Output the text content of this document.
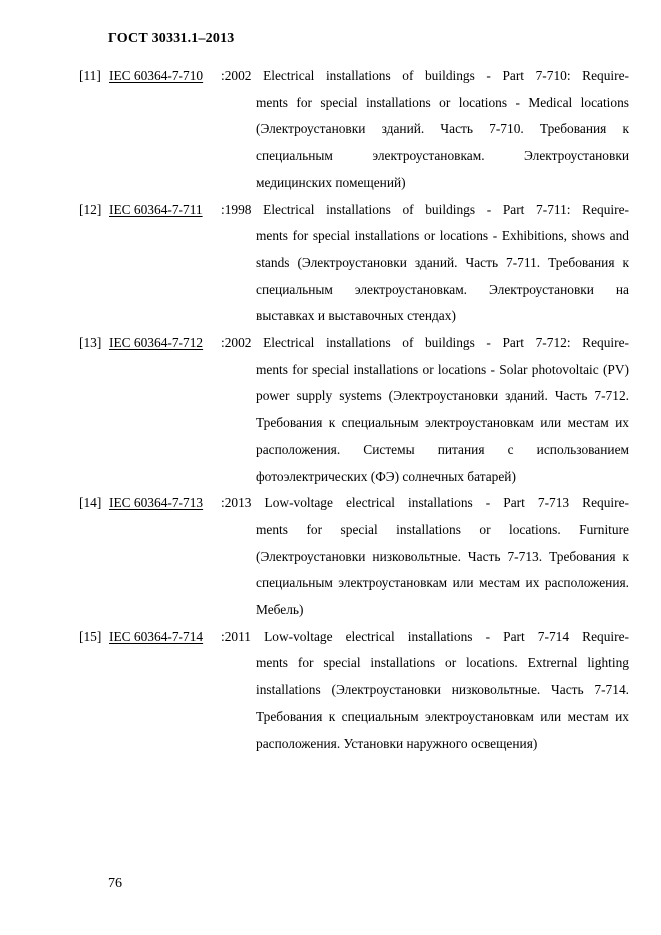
ГОСТ 30331.1–2013
[11] IEC 60364-7-710 :2002 Electrical installations of buildings - Part 7-710: Require-
ments for special installations or locations - Medical locations (Электроустановки зданий. Часть 7-710. Требования к специальным электроустановкам. Электроустановки медицинских помещений)
[12] IEC 60364-7-711 :1998 Electrical installations of buildings - Part 7-711: Require-
ments for special installations or locations - Exhibitions, shows and stands (Электроустановки зданий. Часть 7-711. Требования к специальным электроустановкам. Электроустановки на выставках и выставочных стендах)
[13] IEC 60364-7-712 :2002 Electrical installations of buildings - Part 7-712: Require-
ments for special installations or locations - Solar photovoltaic (PV) power supply systems (Электроустановки зданий. Часть 7-712. Требования к специальным электроустановкам или местам их расположения. Системы питания с использованием фотоэлектрических (ФЭ) солнечных батарей)
[14] IEC 60364-7-713 :2013 Low-voltage electrical installations - Part 7-713 Require-
ments for special installations or locations. Furniture (Электроустановки низковольтные. Часть 7-713. Требования к специальным электроустановкам или местам их расположения. Мебель)
[15] IEC 60364-7-714 :2011 Low-voltage electrical installations - Part 7-714 Require-
ments for special installations or locations. Extrernal lighting installations (Электроустановки низковольтные. Часть 7-714. Требования к специальным электроустановкам или местам их расположения. Установки наружного освещения)
76
